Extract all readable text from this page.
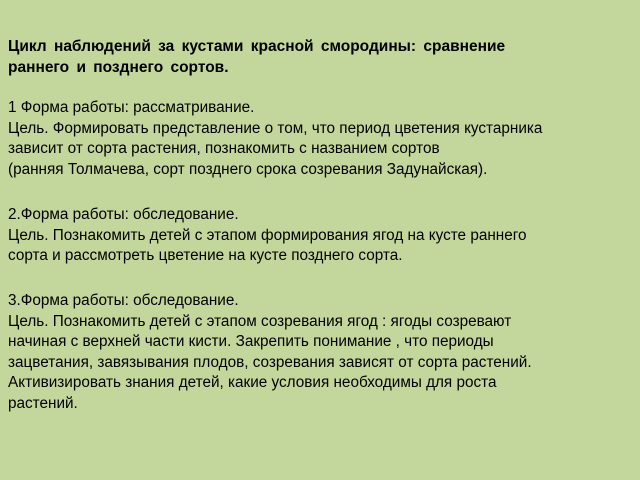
Цикл наблюдений за кустами красной смородины: сравнение
раннего и позднего сортов.
1 Форма работы: рассматривание.
Цель. Формировать представление о том, что период цветения кустарника
зависит от сорта растения, познакомить с названием сортов
(ранняя Толмачева, сорт позднего срока созревания Задунайская).
2.Форма работы: обследование.
Цель. Познакомить детей с этапом формирования ягод на кусте раннего
сорта и рассмотреть цветение на кусте позднего сорта.
3.Форма работы: обследование.
Цель. Познакомить детей с этапом созревания ягод : ягоды созревают
начиная с верхней части кисти. Закрепить понимание , что периоды
зацветания, завязывания плодов, созревания зависят от сорта растений.
Активизировать знания детей, какие условия необходимы для роста
растений.
